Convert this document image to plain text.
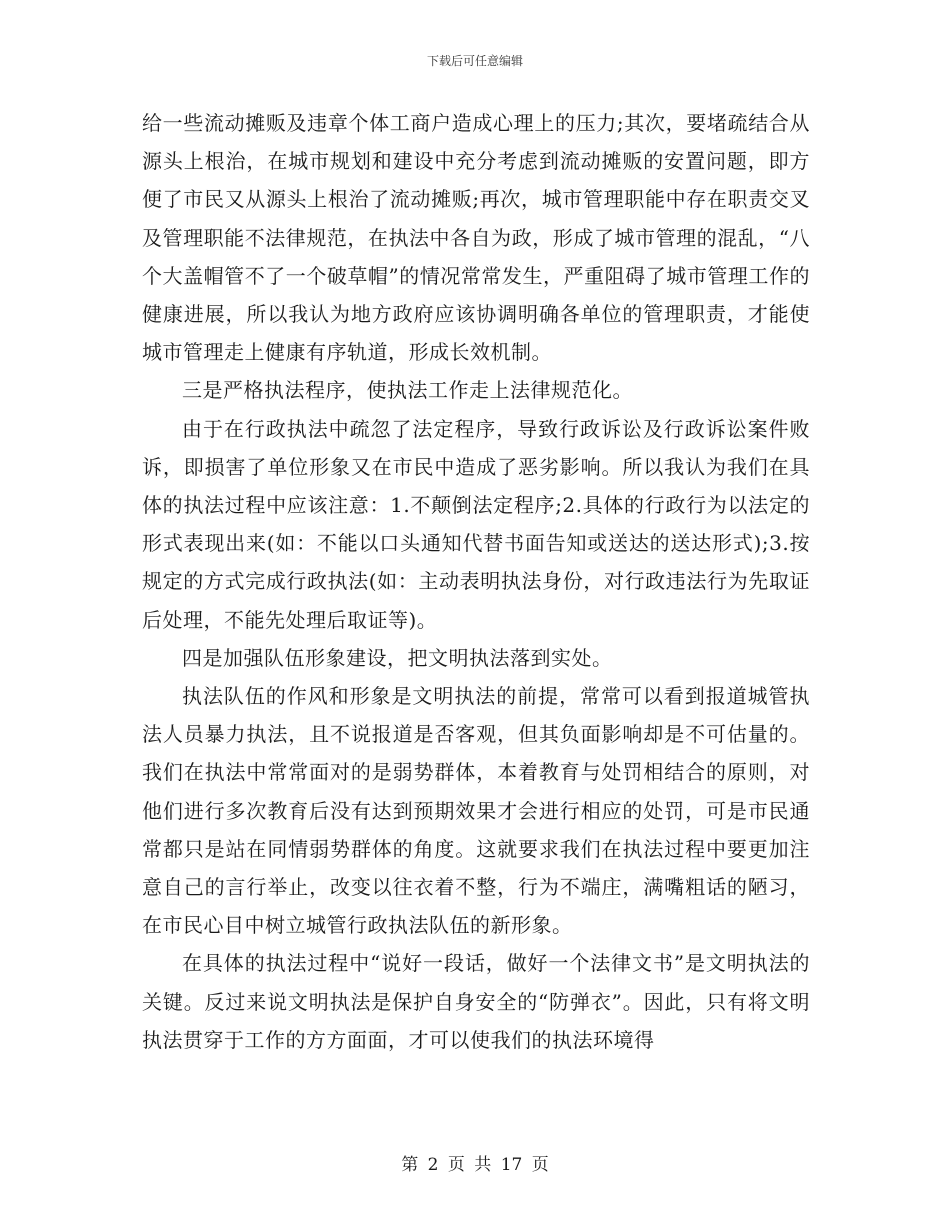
下载后可任意编辑

给一些流动摊贩及违章个体工商户造成心理上的压力;其次，要堵疏结合从源头上根治，在城市规划和建设中充分考虑到流动摊贩的安置问题，即方便了市民又从源头上根治了流动摊贩;再次，城市管理职能中存在职责交叉及管理职能不法律规范，在执法中各自为政，形成了城市管理的混乱，“八个大盖帽管不了一个破草帽”的情况常常发生，严重阻碍了城市管理工作的健康进展，所以我认为地方政府应该协调明确各单位的管理职责，才能使城市管理走上健康有序轨道，形成长效机制。

三是严格执法程序，使执法工作走上法律规范化。

由于在行政执法中疏忽了法定程序，导致行政诉讼及行政诉讼案件败诉，即损害了单位形象又在市民中造成了恶劣影响。所以我认为我们在具体的执法过程中应该注意：1.不颠倒法定程序;2.具体的行政行为以法定的形式表现出来(如：不能以口头通知代替书面告知或送达的送达形式);3.按规定的方式完成行政执法(如：主动表明执法身份，对行政违法行为先取证后处理，不能先处理后取证等)。

四是加强队伍形象建设，把文明执法落到实处。

执法队伍的作风和形象是文明执法的前提，常常可以看到报道城管执法人员暴力执法，且不说报道是否客观，但其负面影响却是不可估量的。我们在执法中常常面对的是弱势群体，本着教育与处罚相结合的原则，对他们进行多次教育后没有达到预期效果才会进行相应的处罚，可是市民通常都只是站在同情弱势群体的角度。这就要求我们在执法过程中要更加注意自己的言行举止，改变以往衣着不整，行为不端庄，满嘴粗话的陋习，在市民心目中树立城管行政执法队伍的新形象。

在具体的执法过程中“说好一段话，做好一个法律文书”是文明执法的关键。反过来说文明执法是保护自身安全的“防弹衣”。因此，只有将文明执法贯穿于工作的方方面面，才可以使我们的执法环境得

第 2 页 共 17 页
